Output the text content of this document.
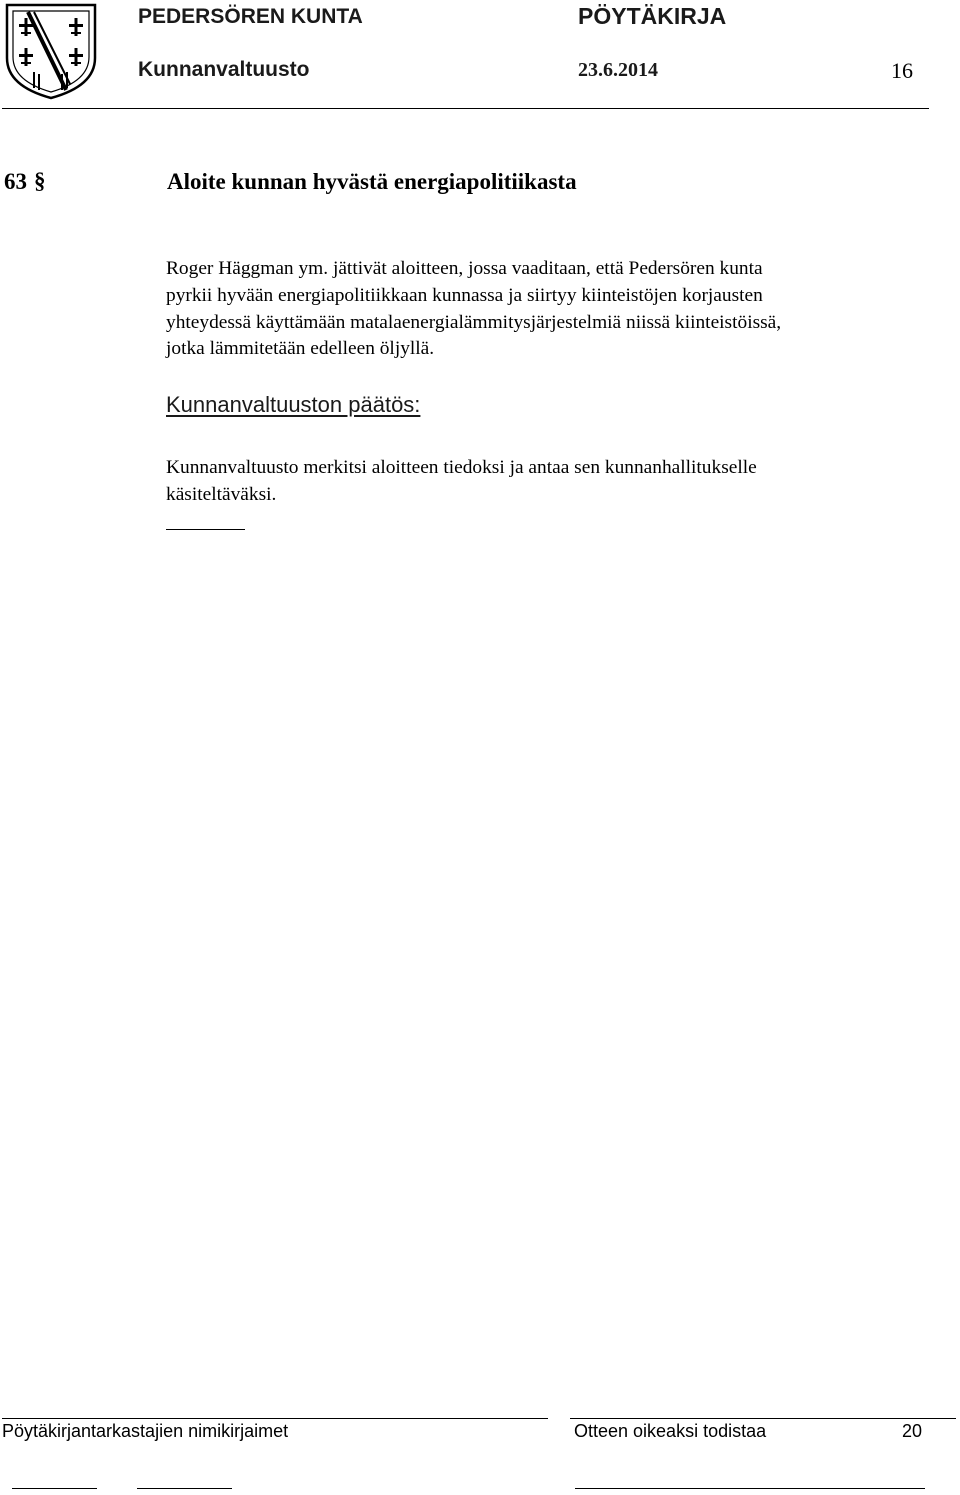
PEDERSÖREN KUNTA	PÖYTÄKIRJA
Kunnanvaltuusto	23.6.2014	16
63 §	Aloite kunnan hyvästä energiapolitiikasta
Roger Häggman ym. jättivät aloitteen, jossa vaaditaan, että Pedersören kunta
pyrkii hyvään energiapolitiikkaan kunnassa ja siirtyy kiinteistöjen korjausten
yhteydessä käyttämään matalaenergialämmitysjärjestelmiä niissä kiinteistöissä,
jotka lämmitetään edelleen öljyllä.
Kunnanvaltuuston päätös:
Kunnanvaltuusto merkitsi aloitteen tiedoksi ja antaa sen kunnanhallitukselle
käsiteltäväksi.
Pöytäkirjantarkastajien nimikirjaimet	Otteen oikeaksi todistaa	20
